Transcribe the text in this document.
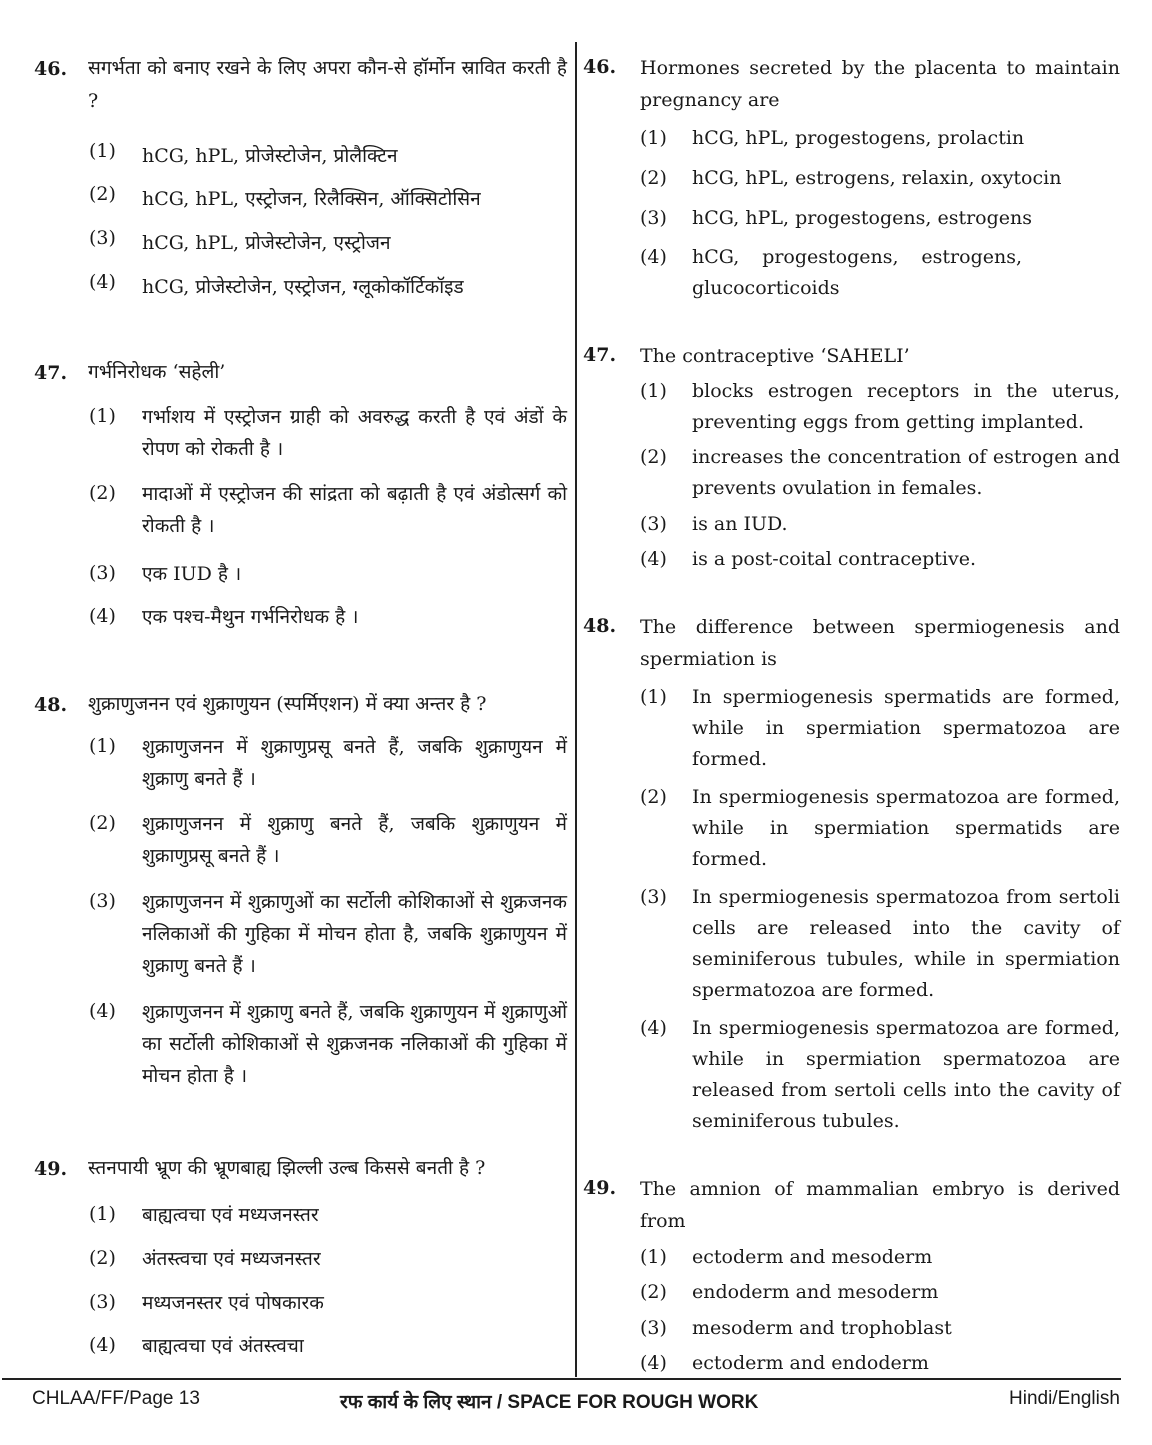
46. सगर्भता को बनाए रखने के लिए अपरा कौन-से हॉर्मोन स्रावित करती है ?
(1) hCG, hPL, प्रोजेस्टोजेन, प्रोलैक्टिन
(2) hCG, hPL, एस्ट्रोजन, रिलैक्सिन, ऑक्सिटोसिन
(3) hCG, hPL, प्रोजेस्टोजेन, एस्ट्रोजन
(4) hCG, प्रोजेस्टोजेन, एस्ट्रोजन, ग्लूकोकॉर्टिकॉइड
47. गर्भनिरोधक ‘सहेली’
(1) गर्भाशय में एस्ट्रोजन ग्राही को अवरुद्ध करती है एवं अंडों के रोपण को रोकती है ।
(2) मादाओं में एस्ट्रोजन की सांद्रता को बढ़ाती है एवं अंडोत्सर्ग को रोकती है ।
(3) एक IUD है ।
(4) एक पश्च-मैथुन गर्भनिरोधक है ।
48. शुक्राणुजनन एवं शुक्राणुयन (स्पर्मिएशन) में क्या अन्तर है ?
(1) शुक्राणुजनन में शुक्राणुप्रसू बनते हैं, जबकि शुक्राणुयन में शुक्राणु बनते हैं ।
(2) शुक्राणुजनन में शुक्राणु बनते हैं, जबकि शुक्राणुयन में शुक्राणुप्रसू बनते हैं ।
(3) शुक्राणुजनन में शुक्राणुओं का सर्टोली कोशिकाओं से शुक्रजनक नलिकाओं की गुहिका में मोचन होता है, जबकि शुक्राणुयन में शुक्राणु बनते हैं ।
(4) शुक्राणुजनन में शुक्राणु बनते हैं, जबकि शुक्राणुयन में शुक्राणुओं का सर्टोली कोशिकाओं से शुक्रजनक नलिकाओं की गुहिका में मोचन होता है ।
49. स्तनपायी भ्रूण की भ्रूणबाह्य झिल्ली उल्ब किससे बनती है ?
(1) बाह्यत्वचा एवं मध्यजनस्तर
(2) अंतस्त्वचा एवं मध्यजनस्तर
(3) मध्यजनस्तर एवं पोषकारक
(4) बाह्यत्वचा एवं अंतस्त्वचा
46. Hormones secreted by the placenta to maintain pregnancy are
(1) hCG, hPL, progestogens, prolactin
(2) hCG, hPL, estrogens, relaxin, oxytocin
(3) hCG, hPL, progestogens, estrogens
(4) hCG, progestogens, estrogens, glucocorticoids
47. The contraceptive ‘SAHELI’
(1) blocks estrogen receptors in the uterus, preventing eggs from getting implanted.
(2) increases the concentration of estrogen and prevents ovulation in females.
(3) is an IUD.
(4) is a post-coital contraceptive.
48. The difference between spermiogenesis and spermiation is
(1) In spermiogenesis spermatids are formed, while in spermiation spermatozoa are formed.
(2) In spermiogenesis spermatozoa are formed, while in spermiation spermatids are formed.
(3) In spermiogenesis spermatozoa from sertoli cells are released into the cavity of seminiferous tubules, while in spermiation spermatozoa are formed.
(4) In spermiogenesis spermatozoa are formed, while in spermiation spermatozoa are released from sertoli cells into the cavity of seminiferous tubules.
49. The amnion of mammalian embryo is derived from
(1) ectoderm and mesoderm
(2) endoderm and mesoderm
(3) mesoderm and trophoblast
(4) ectoderm and endoderm
CHLAA/FF/Page 13	रफ कार्य के लिए स्थान / SPACE FOR ROUGH WORK	Hindi/English
